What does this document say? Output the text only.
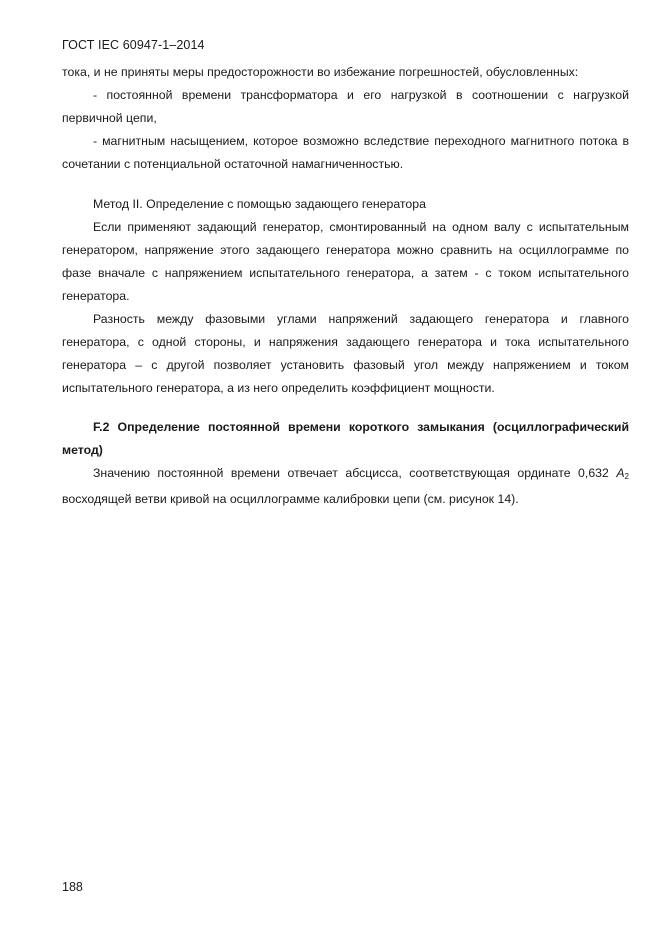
ГОСТ IEC 60947-1–2014

тока, и не приняты меры предосторожности во избежание погрешностей, обусловленных:

- постоянной времени трансформатора и его нагрузкой в соотношении с нагрузкой первичной цепи,

- магнитным насыщением, которое возможно вследствие переходного магнитного потока в сочетании с потенциальной остаточной намагниченностью.

Метод II. Определение с помощью задающего генератора

Если применяют задающий генератор, смонтированный на одном валу с испытательным генератором, напряжение этого задающего генератора можно сравнить на осциллограмме по фазе вначале с напряжением испытательного генератора, а затем - с током испытательного генератора.

Разность между фазовыми углами напряжений задающего генератора и главного генератора, с одной стороны, и напряжения задающего генератора и тока испытательного генератора – с другой позволяет установить фазовый угол между напряжением и током испытательного генератора, а из него определить коэффициент мощности.

F.2 Определение постоянной времени короткого замыкания (осциллографический метод)

Значению постоянной времени отвечает абсцисса, соответствующая ординате 0,632 $A_2$ восходящей ветви кривой на осциллограмме калибровки цепи (см. рисунок 14).

188
